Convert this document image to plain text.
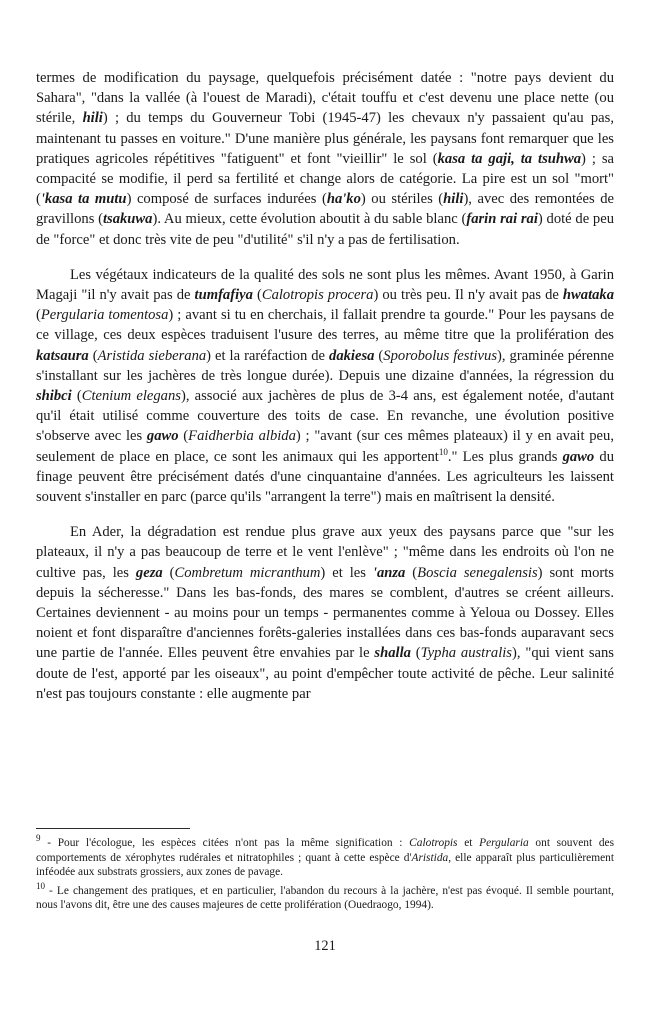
termes de modification du paysage, quelquefois précisément datée : "notre pays devient du Sahara", "dans la vallée (à l'ouest de Maradi), c'était touffu et c'est devenu une place nette (ou stérile, hili) ; du temps du Gouverneur Tobi (1945-47) les chevaux n'y passaient qu'au pas, maintenant tu passes en voiture." D'une manière plus générale, les paysans font remarquer que les pratiques agricoles répétitives "fatiguent" et font "vieillir" le sol (kasa ta gaji, ta tsuhwa) ; sa compacité se modifie, il perd sa fertilité et change alors de catégorie. La pire est un sol "mort" ('kasa ta mutu) composé de surfaces indurées (ha'ko) ou stériles (hili), avec des remontées de gravillons (tsakuwa). Au mieux, cette évolution aboutit à du sable blanc (farin rai rai) doté de peu de "force" et donc très vite de peu "d'utilité" s'il n'y a pas de fertilisation.

Les végétaux indicateurs de la qualité des sols ne sont plus les mêmes. Avant 1950, à Garin Magaji "il n'y avait pas de tumfafiya (Calotropis procera) ou très peu. Il n'y avait pas de hwataka (Pergularia tomentosa) ; avant si tu en cherchais, il fallait prendre ta gourde." Pour les paysans de ce village, ces deux espèces traduisent l'usure des terres, au même titre que la prolifération des katsaura (Aristida sieberana) et la raréfaction de dakiesa (Sporobolus festivus), graminée pérenne s'installant sur les jachères de très longue durée). Depuis une dizaine d'années, la régression du shibci (Ctenium elegans), associé aux jachères de plus de 3-4 ans, est également notée, d'autant qu'il était utilisé comme couverture des toits de case. En revanche, une évolution positive s'observe avec les gawo (Faidherbia albida) ; "avant (sur ces mêmes plateaux) il y en avait peu, seulement de place en place, ce sont les animaux qui les apportent$^{10}$." Les plus grands gawo du finage peuvent être précisément datés d'une cinquantaine d'années. Les agriculteurs les laissent souvent s'installer en parc (parce qu'ils "arrangent la terre") mais en maîtrisent la densité.

En Ader, la dégradation est rendue plus grave aux yeux des paysans parce que "sur les plateaux, il n'y a pas beaucoup de terre et le vent l'enlève" ; "même dans les endroits où l'on ne cultive pas, les geza (Combretum micranthum) et les 'anza (Boscia senegalensis) sont morts depuis la sécheresse." Dans les bas-fonds, des mares se comblent, d'autres se créent ailleurs. Certaines deviennent - au moins pour un temps - permanentes comme à Yeloua ou Dossey. Elles noient et font disparaître d'anciennes forêts-galeries installées dans ces bas-fonds auparavant secs une partie de l'année. Elles peuvent être envahies par le shalla (Typha australis), "qui vient sans doute de l'est, apporté par les oiseaux", au point d'empêcher toute activité de pêche. Leur salinité n'est pas toujours constante : elle augmente par

$^9$ - Pour l'écologue, les espèces citées n'ont pas la même signification : Calotropis et Pergularia ont souvent des comportements de xérophytes rudérales et nitratophiles ; quant à cette espèce d'Aristida, elle apparaît plus particulièrement inféodée aux substrats grossiers, aux zones de pavage.

$^{10}$ - Le changement des pratiques, et en particulier, l'abandon du recours à la jachère, n'est pas évoqué. Il semble pourtant, nous l'avons dit, être une des causes majeures de cette prolifération (Ouedraogo, 1994).

121
